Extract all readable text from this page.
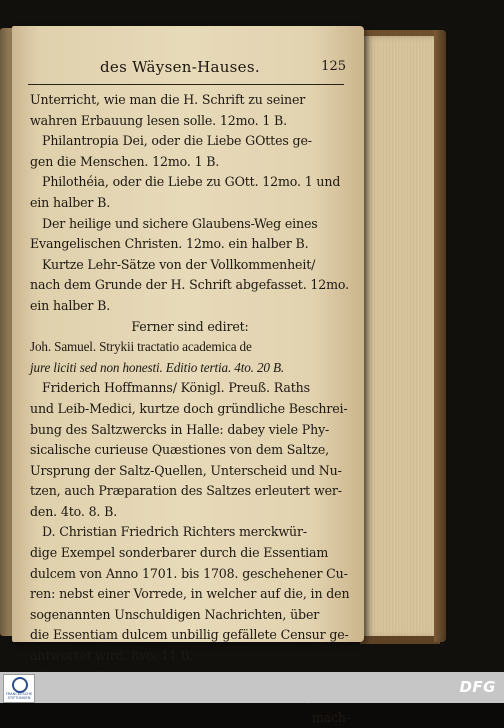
des Wäysen-Hauses.	125
Unterricht, wie man die H. Schrift zu seiner
wahren Erbauung lesen solle. 12mo. 1 B.
Philantropia Dei, oder die Liebe GOttes ge-
gen die Menschen. 12mo. 1 B.
Philothéia, oder die Liebe zu GOtt. 12mo. 1 und
ein halber B.
Der heilige und sichere Glaubens-Weg eines
Evangelischen Christen. 12mo. ein halber B.
Kurtze Lehr-Sätze von der Vollkommenheit/
nach dem Grunde der H. Schrift abgefasset. 12mo.
ein halber B.
Ferner sind ediret:
Joh. Samuel. Strykii tractatio academica de
jure liciti sed non honesti. Editio tertia. 4to. 20 B.
Friderich Hoffmanns/ Königl. Preuß. Raths
und Leib-Medici, kurtze doch gründliche Beschrei-
bung des Saltzwercks in Halle: dabey viele Phy-
sicalische curieuse Quæstiones von dem Saltze,
Ursprung der Saltz-Quellen, Unterscheid und Nu-
tzen, auch Præparation des Saltzes erleutert wer-
den. 4to. 8. B.
D. Christian Friedrich Richters merckwür-
dige Exempel sonderbarer durch die Essentiam
dulcem von Anno 1701. bis 1708. geschehener Cu-
ren: nebst einer Vorrede, in welcher auf die, in den
sogenannten Unschuldigen Nachrichten, über
die Essentiam dulcem unbillig gefällete Censur ge-
antwortet wird. 8vo. 11 B.
mach-
FRANCKESCHE STIFTUNGEN
DFG
